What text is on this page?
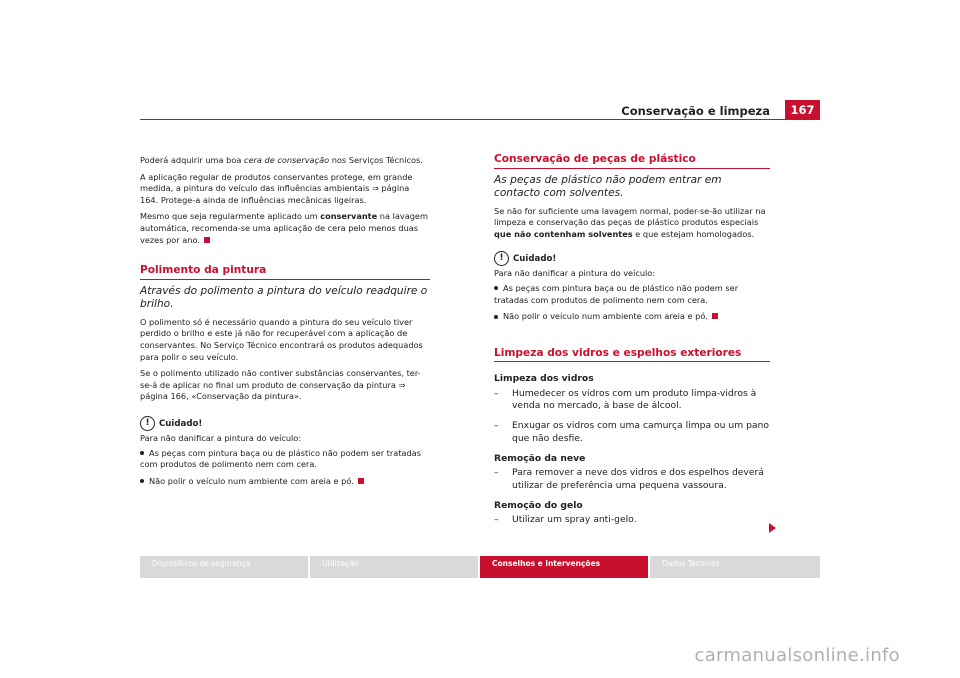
Conservação e limpeza	167

Poderá adquirir uma boa cera de conservação nos Serviços Técnicos.

A aplicação regular de produtos conservantes protege, em grande medida, a pintura do veículo das influências ambientais ⇒ página 164. Protege-a ainda de influências mecânicas ligeiras.

Mesmo que seja regularmente aplicado um conservante na lavagem automática, recomenda-se uma aplicação de cera pelo menos duas vezes por ano.

Polimento da pintura
Através do polimento a pintura do veículo readquire o brilho.

O polimento só é necessário quando a pintura do seu veículo tiver perdido o brilho e este já não for recuperável com a aplicação de conservantes. No Serviço Técnico encontrará os produtos adequados para polir o seu veículo.

Se o polimento utilizado não contiver substâncias conservantes, ter-se-á de aplicar no final um produto de conservação da pintura ⇒ página 166, «Conservação da pintura».

! Cuidado!

Para não danificar a pintura do veículo:

As peças com pintura baça ou de plástico não podem ser tratadas com produtos de polimento nem com cera.

Não polir o veículo num ambiente com areia e pó.

Conservação de peças de plástico
As peças de plástico não podem entrar em contacto com solventes.

Se não for suficiente uma lavagem normal, poder-se-ão utilizar na limpeza e conservação das peças de plástico produtos especiais que não contenham solventes e que estejam homologados.

! Cuidado!

Para não danificar a pintura do veículo:

As peças com pintura baça ou de plástico não podem ser tratadas com produtos de polimento nem com cera.

Não polir o veículo num ambiente com areia e pó.

Limpeza dos vidros e espelhos exteriores
Limpeza dos vidros
– Humedecer os vidros com um produto limpa-vidros à venda no mercado, à base de álcool.
– Enxugar os vidros com uma camurça limpa ou um pano que não desfie.
Remoção da neve
– Para remover a neve dos vidros e dos espelhos deverá utilizar de preferência uma pequena vassoura.
Remoção do gelo
– Utilizar um spray anti-gelo.
Dispositivos de segurança	Utilização	Conselhos e intervenções	Dados Técnicos
carmanualsonline.info
